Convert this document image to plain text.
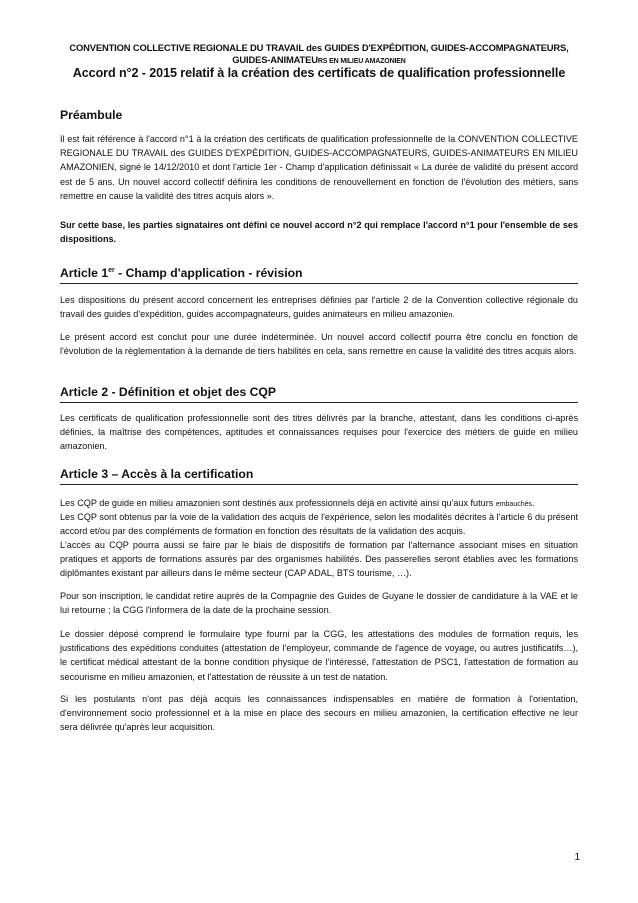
CONVENTION COLLECTIVE REGIONALE DU TRAVAIL des GUIDES D'EXPÉDITION, GUIDES-ACCOMPAGNATEURS,
GUIDES-ANIMATEURS EN MILIEU AMAZONIEN
Accord n°2 - 2015 relatif à la création des certificats de qualification professionnelle
Préambule

Il est fait référence à l'accord n°1 à la création des certificats de qualification professionnelle de la CONVENTION COLLECTIVE REGIONALE DU TRAVAIL des GUIDES D'EXPÉDITION, GUIDES-ACCOMPAGNATEURS, GUIDES-ANIMATEURS EN MILIEU AMAZONIEN, signé le 14/12/2010 et dont l'article 1er - Champ d'application définissait « La durée de validité du présent accord est de 5 ans. Un nouvel accord collectif définira les conditions de renouvellement en fonction de l'évolution des métiers, sans remettre en cause la validité des titres acquis alors ».

Sur cette base, les parties signataires ont défini ce nouvel accord n°2 qui remplace l'accord n°1 pour l'ensemble de ses dispositions.

Article 1er - Champ d'application - révision

Les dispositions du présent accord concernent les entreprises définies par l'article 2 de la Convention collective régionale du travail des guides d'expédition, guides accompagnateurs, guides animateurs en milieu amazonien.

Le présent accord est conclut pour une durée indéterminée. Un nouvel accord collectif pourra être conclu en fonction de l'évolution de la règlementation à la demande de tiers habilités en cela, sans remettre en cause la validité des titres acquis alors.

Article 2 - Définition et objet des CQP

Les certificats de qualification professionnelle sont des titres délivrés par la branche, attestant, dans les conditions ci-après définies, la maîtrise des compétences, aptitudes et connaissances requises pour l'exercice des métiers de guide en milieu amazonien.

Article 3 – Accès à la certification

Les CQP de guide en milieu amazonien sont destinés aux professionnels déjà en activité ainsi qu'aux futurs embauchés.

Les CQP sont obtenus par la voie de la validation des acquis de l'expérience, selon les modalités décrites à l'article 6 du présent accord et/ou par des compléments de formation en fonction des résultats de la validation des acquis.

L'accès au CQP pourra aussi se faire par le biais de dispositifs de formation par l'alternance associant mises en situation pratiques et apports de formations assurés par des organismes habilités. Des passerelles seront établies avec les formations diplômantes existant par ailleurs dans le même secteur (CAP ADAL, BTS tourisme, …).

Pour son inscription, le candidat retire auprès de la Compagnie des Guides de Guyane le dossier de candidature à la VAE et le lui retourne ; la CGG l'informera de la date de la prochaine session.

Le dossier déposé comprend le formulaire type fourni par la CGG, les attestations des modules de formation requis, les justifications des expéditions conduites (attestation de l'employeur, commande de l'agence de voyage, ou autres justificatifs…), le certificat médical attestant de la bonne condition physique de l'intéressé, l'attestation de PSC1, l'attestation de formation au secourisme en milieu amazonien, et l'attestation de réussite à un test de natation.

Si les postulants n'ont pas déjà acquis les connaissances indispensables en matière de formation à l'orientation, d'environnement socio professionnel et à la mise en place des secours en milieu amazonien, la certification effective ne leur sera délivrée qu'après leur acquisition.

1
